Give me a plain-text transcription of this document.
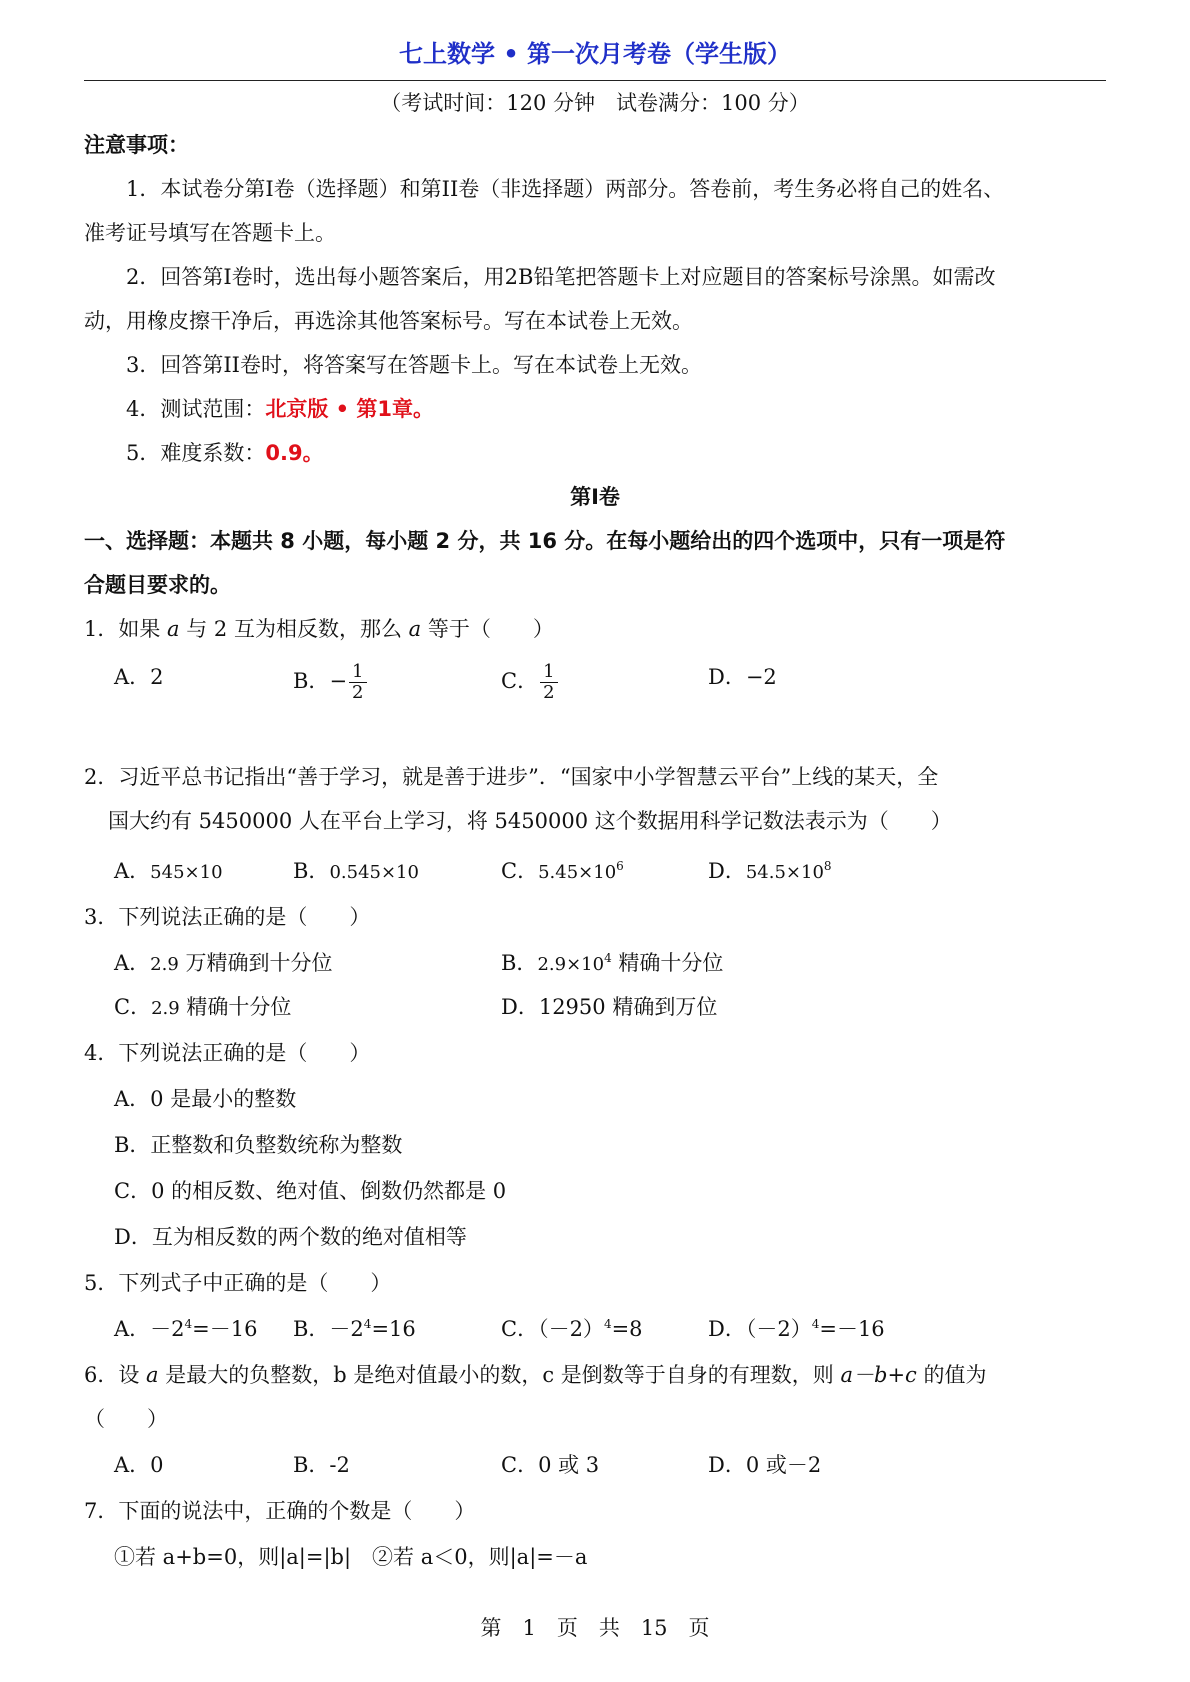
七上数学 • 第一次月考卷（学生版）
（考试时间：120 分钟　试卷满分：100 分）
注意事项：
1．本试卷分第I卷（选择题）和第II卷（非选择题）两部分。答卷前，考生务必将自己的姓名、
准考证号填写在答题卡上。
2．回答第I卷时，选出每小题答案后，用2B铅笔把答题卡上对应题目的答案标号涂黑。如需改
动，用橡皮擦干净后，再选涂其他答案标号。写在本试卷上无效。
3．回答第II卷时，将答案写在答题卡上。写在本试卷上无效。
4．测试范围：北京版 • 第1章。
5．难度系数：0.9。
第I卷
一、选择题：本题共 8 小题，每小题 2 分，共 16 分。在每小题给出的四个选项中，只有一项是符
合题目要求的。
1．如果 a 与 2 互为相反数，那么 a 等于（　　）
A．2	B．− $\frac{1}{2}$	C． $\frac{1}{2}$	D．−2
2．习近平总书记指出“善于学习，就是善于进步”．“国家中小学智慧云平台”上线的某天，全
国大约有 5450000 人在平台上学习，将 5450000 这个数据用科学记数法表示为（　　）
A．545×10	B．0.545×10	C．$5.45\times 10^6$	D．$54.5\times 10^8$
3．下列说法正确的是（　　）
A．2.9 万精确到十分位	B．$2.9\times 10^4$ 精确十分位
C．2.9 精确十分位	D．12950 精确到万位
4．下列说法正确的是（　　）
A．0 是最小的整数
B．正整数和负整数统称为整数
C．0 的相反数、绝对值、倒数仍然都是 0
D．互为相反数的两个数的绝对值相等
5．下列式子中正确的是（　　）
A．$-2^4=-16$ B．$-2^4=16$	C．$(-2)^4=8$	D．$(-2)^4=-16$
6．设 a 是最大的负整数，b 是绝对值最小的数，c 是倒数等于自身的有理数，则 a－b+c 的值为
（　　）
A．0	B．-2	C．0 或 3	D．0 或－2
7．下面的说法中，正确的个数是（　　）
①若 a+b=0，则|a|=|b|　②若 a＜0，则|a|=－a
第　1　页　共　15　页
